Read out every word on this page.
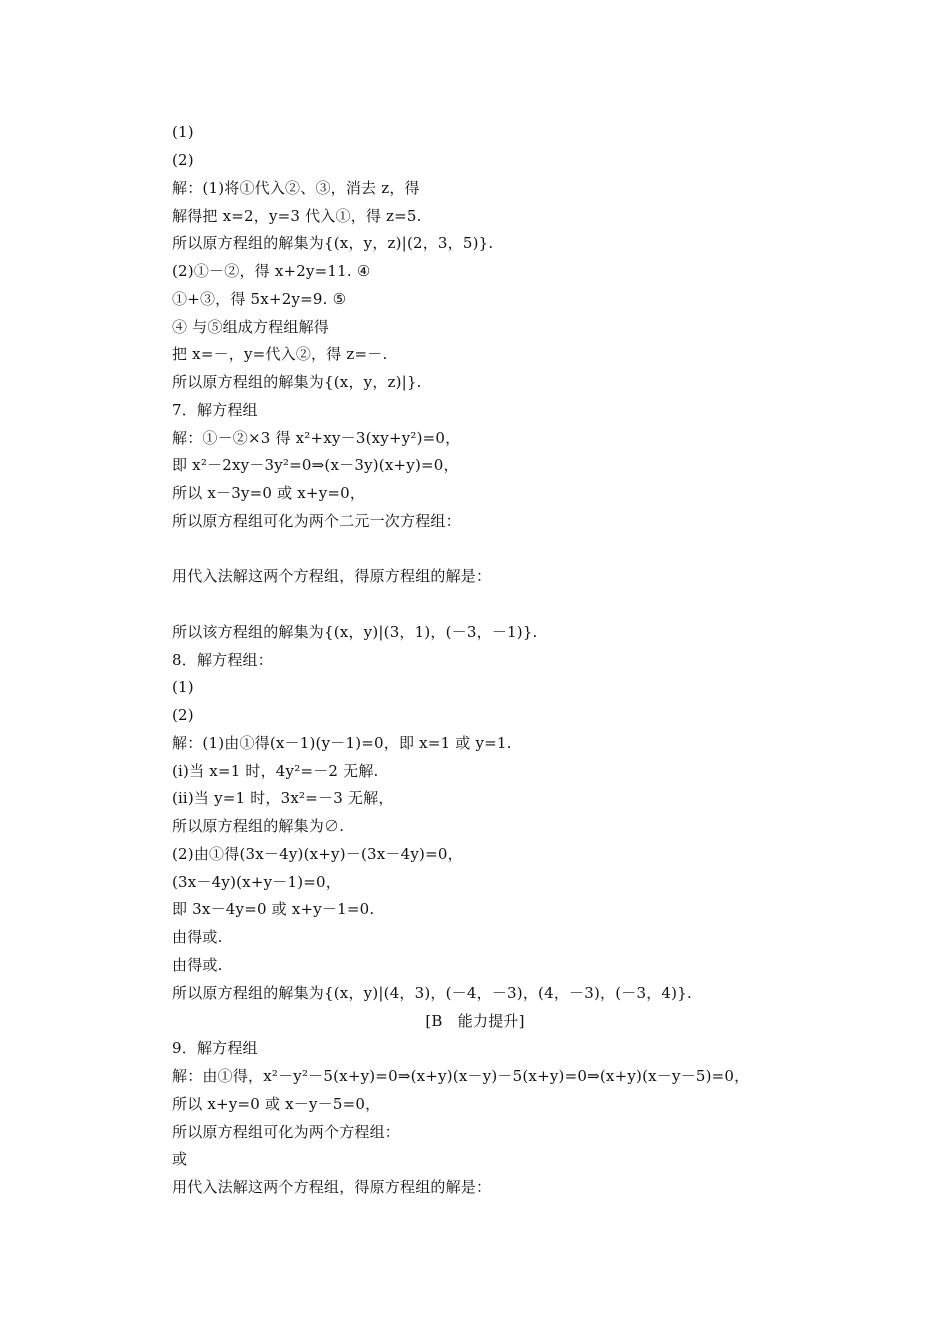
(1)
(2)
解：(1)将①代入②、③，消去 z，得
解得把 x=2，y=3 代入①，得 z=5.
所以原方程组的解集为{(x，y，z)|(2，3，5)}.
(2)①－②，得 x+2y=11. ④
①+③，得 5x+2y=9. ⑤
④ 与⑤组成方程组解得
把 x=－，y=代入②，得 z=－.
所以原方程组的解集为{(x，y，z)|}.
7．解方程组
解：①－②×3 得 x²+xy－3(xy+y²)=0，
即 x²－2xy－3y²=0⇒(x－3y)(x+y)=0，
所以 x－3y=0 或 x+y=0，
所以原方程组可化为两个二元一次方程组：
用代入法解这两个方程组，得原方程组的解是：
所以该方程组的解集为{(x，y)|(3，1)，(－3，－1)}.
8．解方程组：
(1)
(2)
解：(1)由①得(x－1)(y－1)=0，即 x=1 或 y=1.
(ⅰ)当 x=1 时，4y²=－2 无解.
(ⅱ)当 y=1 时，3x²=－3 无解，
所以原方程组的解集为∅.
(2)由①得(3x－4y)(x+y)－(3x－4y)=0，
(3x－4y)(x+y－1)=0，
即 3x－4y=0 或 x+y－1=0.
由得或.
由得或.
所以原方程组的解集为{(x，y)|(4，3)，(－4，－3)，(4，－3)，(－3，4)}.
[B　能力提升]
9．解方程组
解：由①得，x²－y²－5(x+y)=0⇒(x+y)(x－y)－5(x+y)=0⇒(x+y)(x－y－5)=0，
所以 x+y=0 或 x－y－5=0，
所以原方程组可化为两个方程组：
或
用代入法解这两个方程组，得原方程组的解是：
